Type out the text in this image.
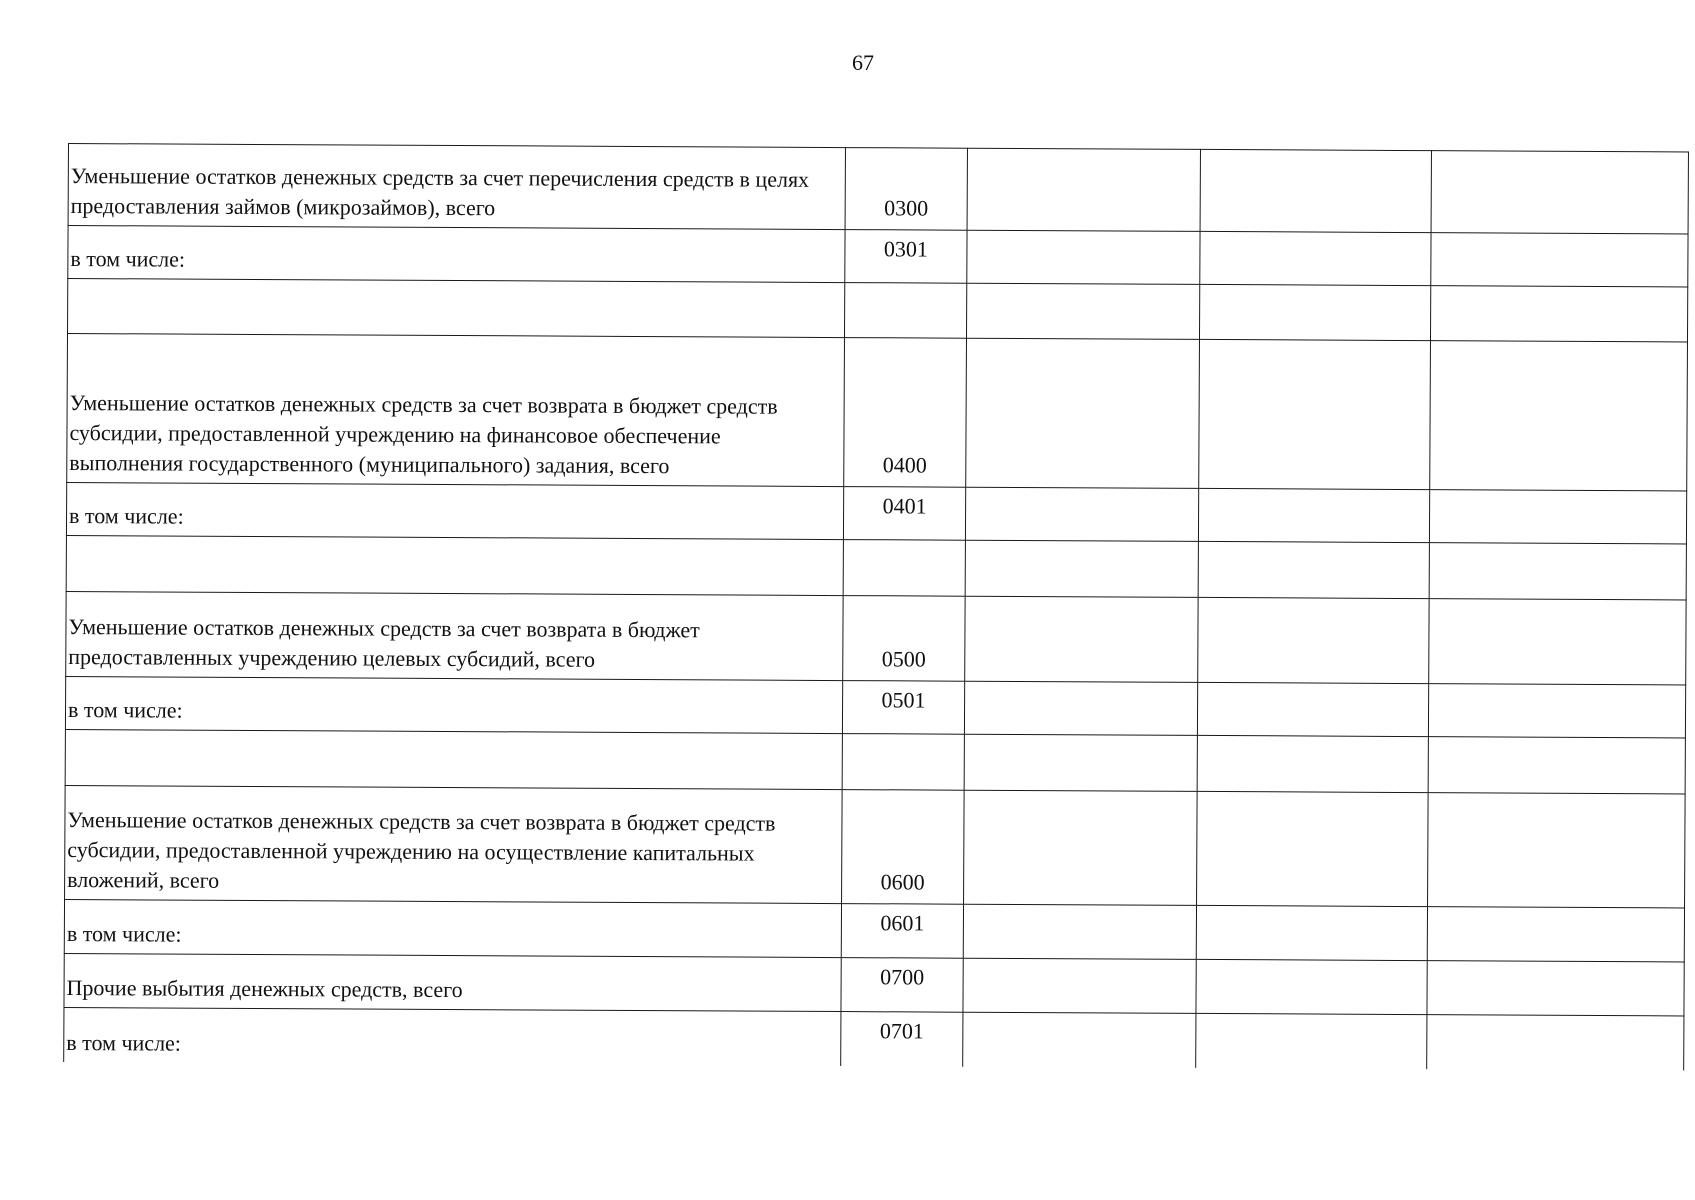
67
Уменьшение остатков денежных средств за счет перечисления средств в целях предоставления займов (микрозаймов), всего	0300			
в том числе:	0301			

Уменьшение остатков денежных средств за счет возврата в бюджет средств субсидии, предоставленной учреждению на финансовое обеспечение выполнения государственного (муниципального) задания, всего	0400			
в том числе:	0401			

Уменьшение остатков денежных средств за счет возврата в бюджет предоставленных учреждению целевых субсидий, всего	0500			
в том числе:	0501			

Уменьшение остатков денежных средств за счет возврата в бюджет средств субсидии, предоставленной учреждению на осуществление капитальных вложений, всего	0600			
в том числе:	0601			
Прочие выбытия денежных средств, всего	0700			
в том числе:	0701			
